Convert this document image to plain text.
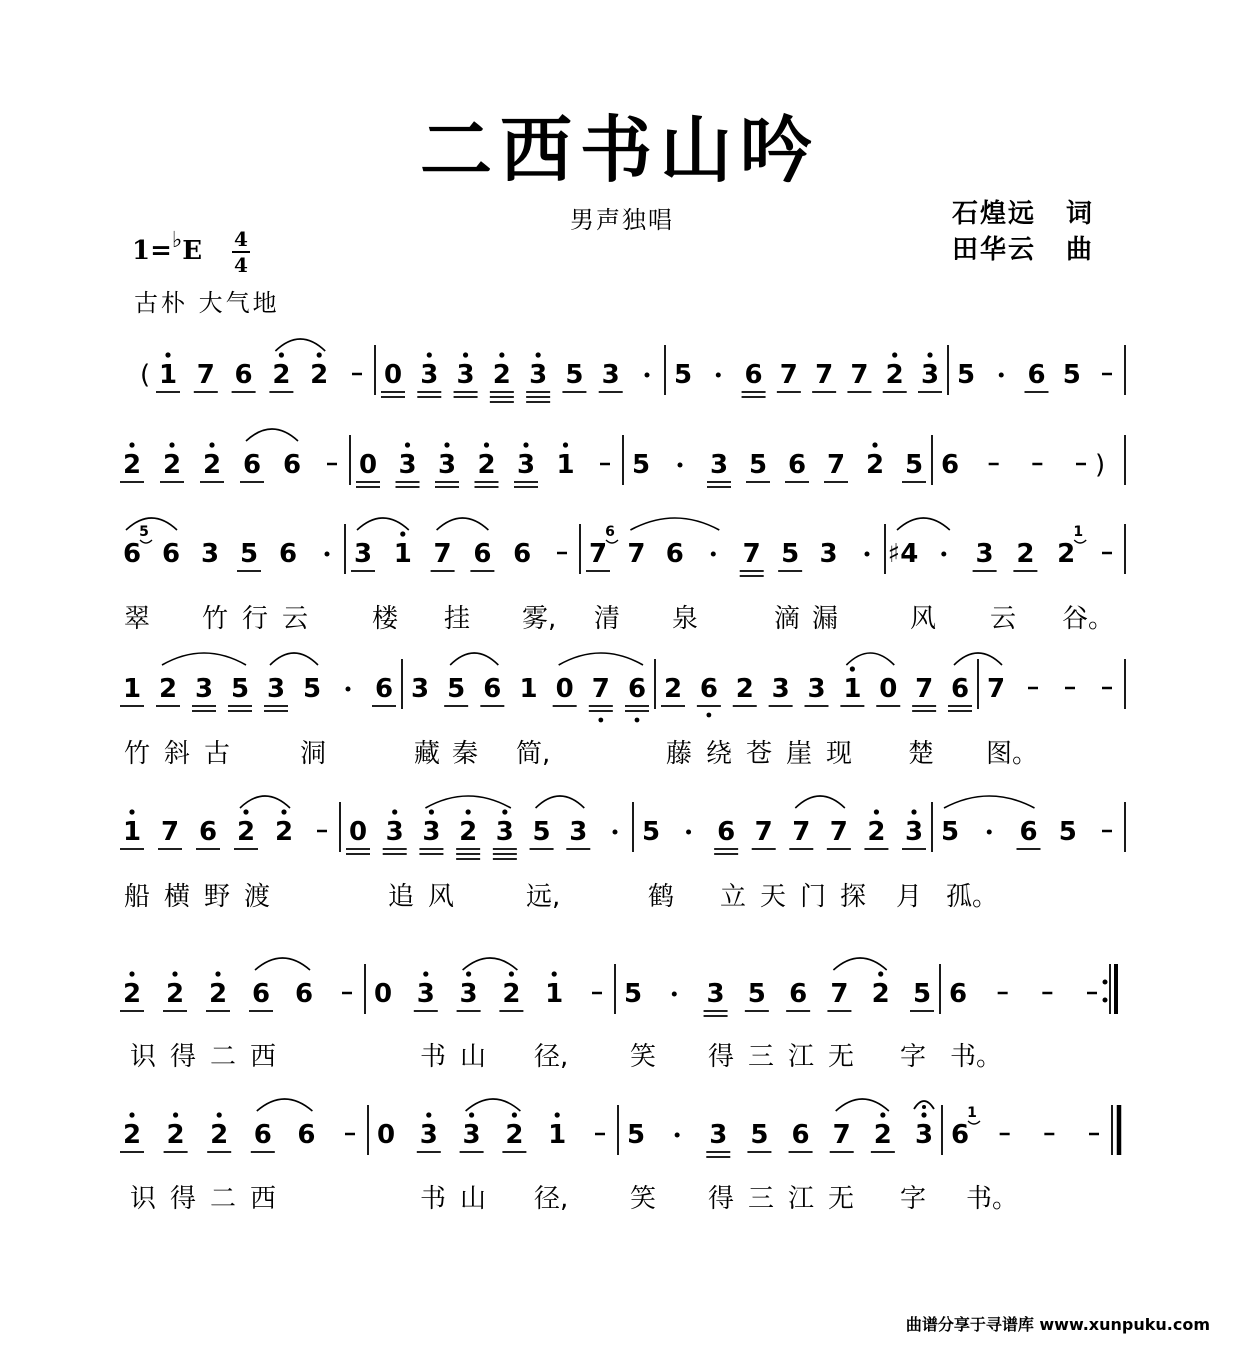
二西书山吟
男声独唱	石煌远 词
田华云 曲
1=♭E 4
4
古朴 大气地
( 1 7 6 2 2 0 3 3 2 3 5 3 5 6 7 7 7 2 3 5 6 5
2 2 2 6 6 0 3 3 2 3 1 5 3 5 6 7 2 5 6	)
6
5
6 3 5 6 3 1 7 6 6 7
6
7 6 7 5 3 ♯4 3 2 2
1
翠 竹 行 云 楼 挂 雾, 清 泉	滴 漏	风 云 谷。
1 2 3 5 3 5 6 3 5 6 1 0 7 6 2 6 2 3 3 1 0 7 6 7
竹 斜 古	洞	藏 秦 简,	藤 绕 苍 崖 现 楚 图。
1 7 6 2 2 0 3 3 2 3 5 3 5 6 7 7 7 2 3 5 6 5
船 横 野 渡	追 风	远,	鹤 立 天 门 探 月 孤。
2 2 2 6 6 0 3 3 2 1 5 3 5 6 7 2 5 6
识 得 二 西	书 山 径, 笑 得 三 江 无 字 书。
2 2 2 6 6 0 3 3 2 1 5 3 5 6 7 2 3 6
1
识 得 二 西	书 山 径, 笑 得 三 江 无 字 书。
曲谱分享于寻谱库 www.xunpuku.com
